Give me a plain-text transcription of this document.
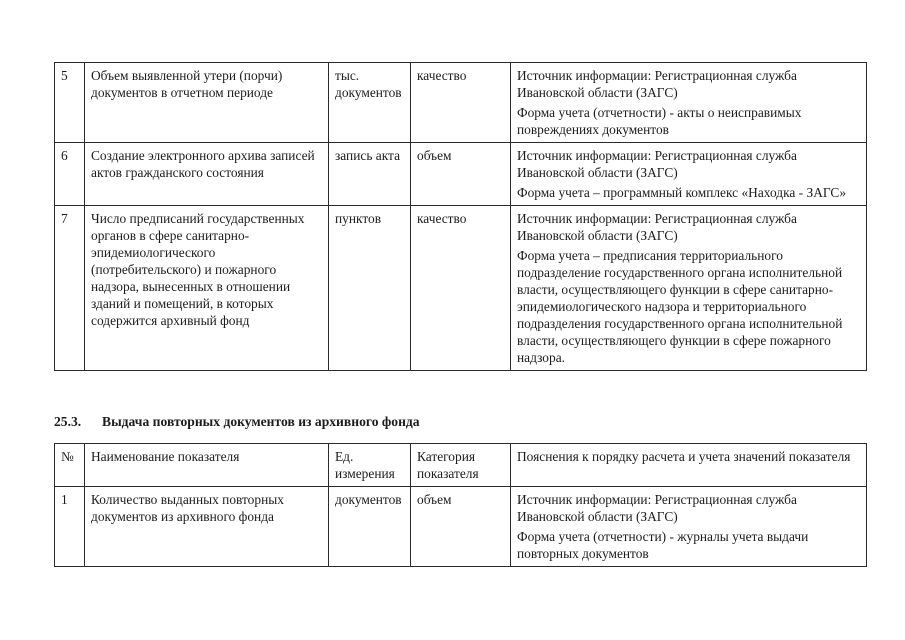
5	Объем выявленной утери (порчи) документов в отчетном периоде	тыс. документов	качество	Источник информации: Регистрационная служба Ивановской области (ЗАГС)

Форма учета (отчетности) - акты о неисправимых повреждениях документов

6	Создание электронного архива записей актов гражданского состояния	запись акта	объем	Источник информации: Регистрационная служба Ивановской области (ЗАГС)

Форма учета – программный комплекс «Находка - ЗАГС»

7	Число предписаний государственных органов в сфере санитарно-эпидемиологического (потребительского) и пожарного надзора, вынесенных в отношении зданий и помещений, в которых содержится архивный фонд	пунктов	качество	Источник информации: Регистрационная служба Ивановской области (ЗАГС)

Форма учета – предписания территориального подразделение государственного органа исполнительной власти, осуществляющего функции в сфере санитарно-эпидемиологического надзора и территориального подразделения государственного органа исполнительной власти, осуществляющего функции в сфере пожарного надзора.

25.3. Выдача повторных документов из архивного фонда
№	Наименование показателя	Ед. измерения	Категория показателя	Пояснения к порядку расчета и учета значений показателя
1	Количество выданных повторных документов из архивного фонда	документов	объем	Источник информации: Регистрационная служба Ивановской области (ЗАГС)

Форма учета (отчетности) - журналы учета выдачи повторных документов
